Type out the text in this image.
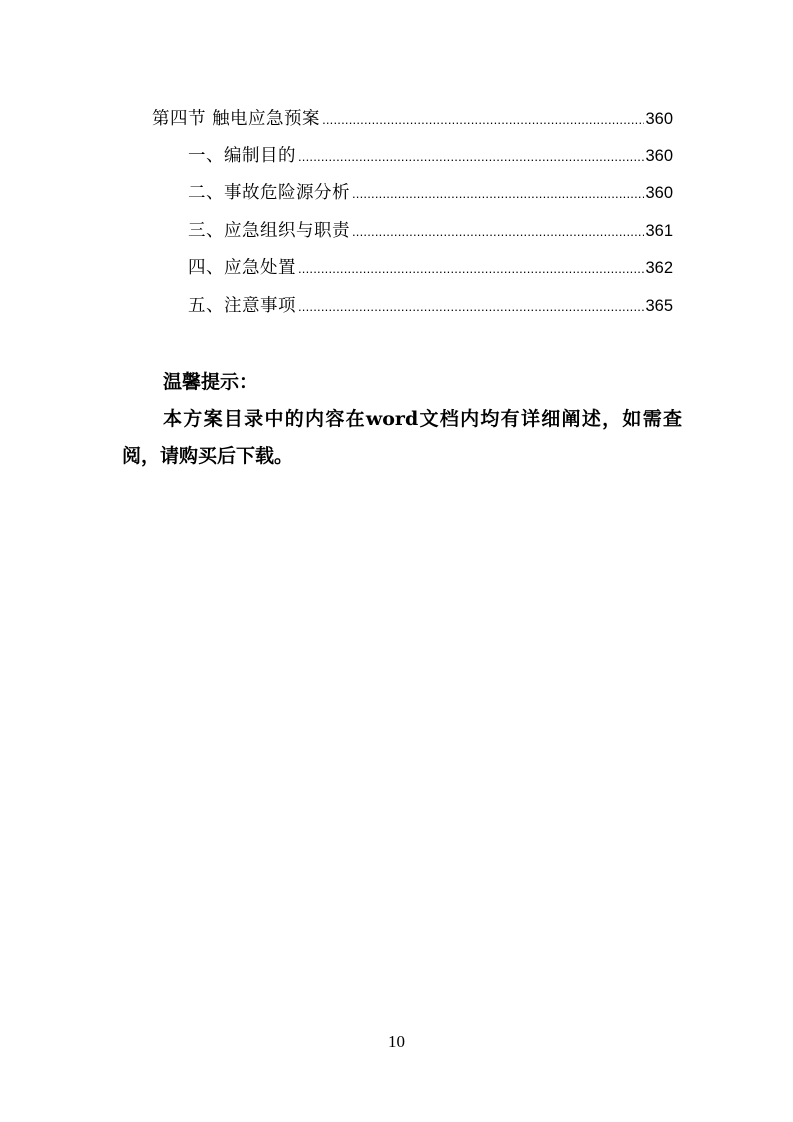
第四节 触电应急预案 .....	360
一、编制目的 .....	360
二、事故危险源分析 .....	360
三、应急组织与职责 .....	361
四、应急处置 .....	362
五、注意事项 .....	365
温馨提示：

本方案目录中的内容在word文档内均有详细阐述，如需查阅，请购买后下载。

10
